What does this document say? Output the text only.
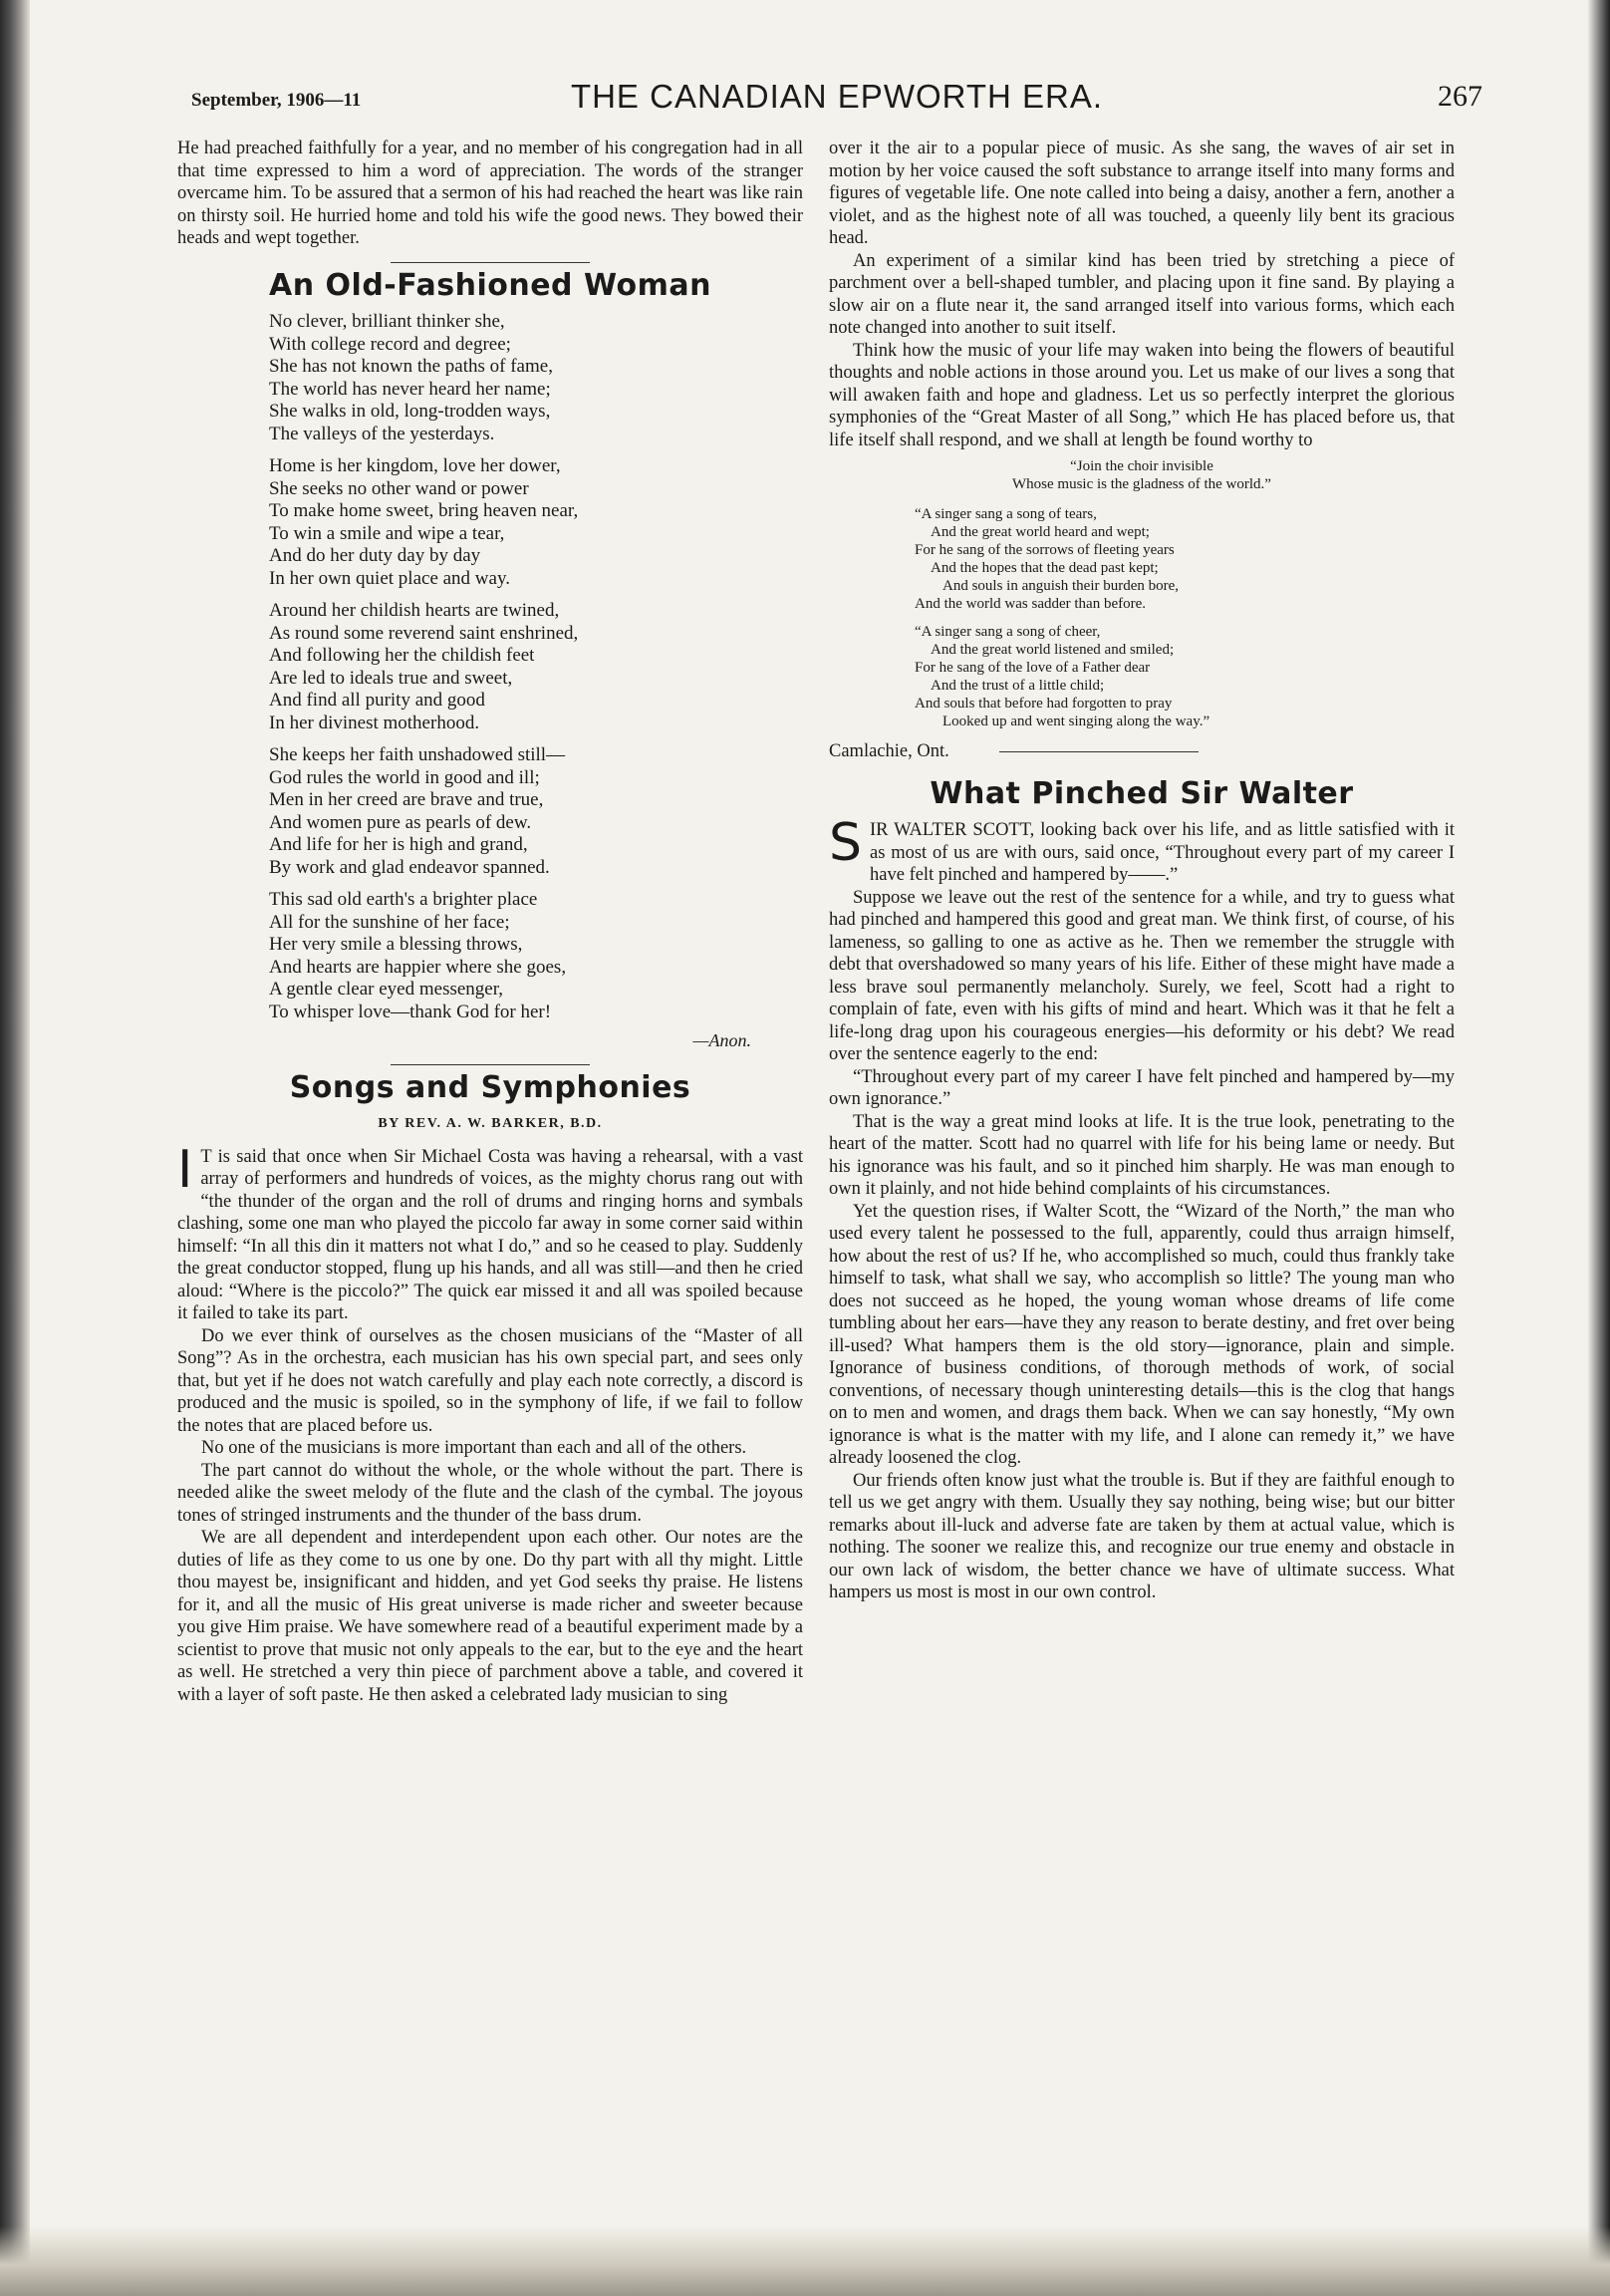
September, 1906—11	THE CANADIAN EPWORTH ERA.	267

He had preached faithfully for a year, and no member of his congregation had in all that time expressed to him a word of appreciation. The words of the stranger overcame him. To be assured that a sermon of his had reached the heart was like rain on thirsty soil. He hurried home and told his wife the good news. They bowed their heads and wept together.

An Old-Fashioned Woman
No clever, brilliant thinker she,
With college record and degree;
She has not known the paths of fame,
The world has never heard her name;
She walks in old, long-trodden ways,
The valleys of the yesterdays.
Home is her kingdom, love her dower,
She seeks no other wand or power
To make home sweet, bring heaven near,
To win a smile and wipe a tear,
And do her duty day by day
In her own quiet place and way.
Around her childish hearts are twined,
As round some reverend saint enshrined,
And following her the childish feet
Are led to ideals true and sweet,
And find all purity and good
In her divinest motherhood.
She keeps her faith unshadowed still—
God rules the world in good and ill;
Men in her creed are brave and true,
And women pure as pearls of dew.
And life for her is high and grand,
By work and glad endeavor spanned.
This sad old earth's a brighter place
All for the sunshine of her face;
Her very smile a blessing throws,
And hearts are happier where she goes,
A gentle clear eyed messenger,
To whisper love—thank God for her!
—Anon.
Songs and Symphonies
BY REV. A. W. BARKER, B.D.

I T is said that once when Sir Michael Costa was having a rehearsal, with a vast array of performers and hundreds of voices, as the mighty chorus rang out with “the thunder of the organ and the roll of drums and ringing horns and symbals clashing, some one man who played the piccolo far away in some corner said within himself: “In all this din it matters not what I do,” and so he ceased to play. Suddenly the great conductor stopped, flung up his hands, and all was still—and then he cried aloud: “Where is the piccolo?” The quick ear missed it and all was spoiled because it failed to take its part.

Do we ever think of ourselves as the chosen musicians of the “Master of all Song”? As in the orchestra, each musician has his own special part, and sees only that, but yet if he does not watch carefully and play each note correctly, a discord is produced and the music is spoiled, so in the symphony of life, if we fail to follow the notes that are placed before us.

No one of the musicians is more important than each and all of the others.

The part cannot do without the whole, or the whole without the part. There is needed alike the sweet melody of the flute and the clash of the cymbal. The joyous tones of stringed instruments and the thunder of the bass drum.

We are all dependent and interdependent upon each other. Our notes are the duties of life as they come to us one by one. Do thy part with all thy might. Little thou mayest be, insignificant and hidden, and yet God seeks thy praise. He listens for it, and all the music of His great universe is made richer and sweeter because you give Him praise. We have somewhere read of a beautiful experiment made by a scientist to prove that music not only appeals to the ear, but to the eye and the heart as well. He stretched a very thin piece of parchment above a table, and covered it with a layer of soft paste. He then asked a celebrated lady musician to sing

over it the air to a popular piece of music. As she sang, the waves of air set in motion by her voice caused the soft substance to arrange itself into many forms and figures of vegetable life. One note called into being a daisy, another a fern, another a violet, and as the highest note of all was touched, a queenly lily bent its gracious head.

An experiment of a similar kind has been tried by stretching a piece of parchment over a bell-shaped tumbler, and placing upon it fine sand. By playing a slow air on a flute near it, the sand arranged itself into various forms, which each note changed into another to suit itself.

Think how the music of your life may waken into being the flowers of beautiful thoughts and noble actions in those around you. Let us make of our lives a song that will awaken faith and hope and gladness. Let us so perfectly interpret the glorious symphonies of the “Great Master of all Song,” which He has placed before us, that life itself shall respond, and we shall at length be found worthy to

“Join the choir invisible
Whose music is the gladness of the world.”
“A singer sang a song of tears,
And the great world heard and wept;
For he sang of the sorrows of fleeting years
And the hopes that the dead past kept;
And souls in anguish their burden bore,
And the world was sadder than before.
“A singer sang a song of cheer,
And the great world listened and smiled;
For he sang of the love of a Father dear
And the trust of a little child;
And souls that before had forgotten to pray
Looked up and went singing along the way.”

Camlachie, Ont.

What Pinched Sir Walter

S IR WALTER SCOTT, looking back over his life, and as little satisfied with it as most of us are with ours, said once, “Throughout every part of my career I have felt pinched and hampered by——.”

Suppose we leave out the rest of the sentence for a while, and try to guess what had pinched and hampered this good and great man. We think first, of course, of his lameness, so galling to one as active as he. Then we remember the struggle with debt that overshadowed so many years of his life. Either of these might have made a less brave soul permanently melancholy. Surely, we feel, Scott had a right to complain of fate, even with his gifts of mind and heart. Which was it that he felt a life-long drag upon his courageous energies—his deformity or his debt? We read over the sentence eagerly to the end:

“Throughout every part of my career I have felt pinched and hampered by—my own ignorance.”

That is the way a great mind looks at life. It is the true look, penetrating to the heart of the matter. Scott had no quarrel with life for his being lame or needy. But his ignorance was his fault, and so it pinched him sharply. He was man enough to own it plainly, and not hide behind complaints of his circumstances.

Yet the question rises, if Walter Scott, the “Wizard of the North,” the man who used every talent he possessed to the full, apparently, could thus arraign himself, how about the rest of us? If he, who accomplished so much, could thus frankly take himself to task, what shall we say, who accomplish so little? The young man who does not succeed as he hoped, the young woman whose dreams of life come tumbling about her ears—have they any reason to berate destiny, and fret over being ill-used? What hampers them is the old story—ignorance, plain and simple. Ignorance of business conditions, of thorough methods of work, of social conventions, of necessary though uninteresting details—this is the clog that hangs on to men and women, and drags them back. When we can say honestly, “My own ignorance is what is the matter with my life, and I alone can remedy it,” we have already loosened the clog.

Our friends often know just what the trouble is. But if they are faithful enough to tell us we get angry with them. Usually they say nothing, being wise; but our bitter remarks about ill-luck and adverse fate are taken by them at actual value, which is nothing. The sooner we realize this, and recognize our true enemy and obstacle in our own lack of wisdom, the better chance we have of ultimate success. What hampers us most is most in our own control.
